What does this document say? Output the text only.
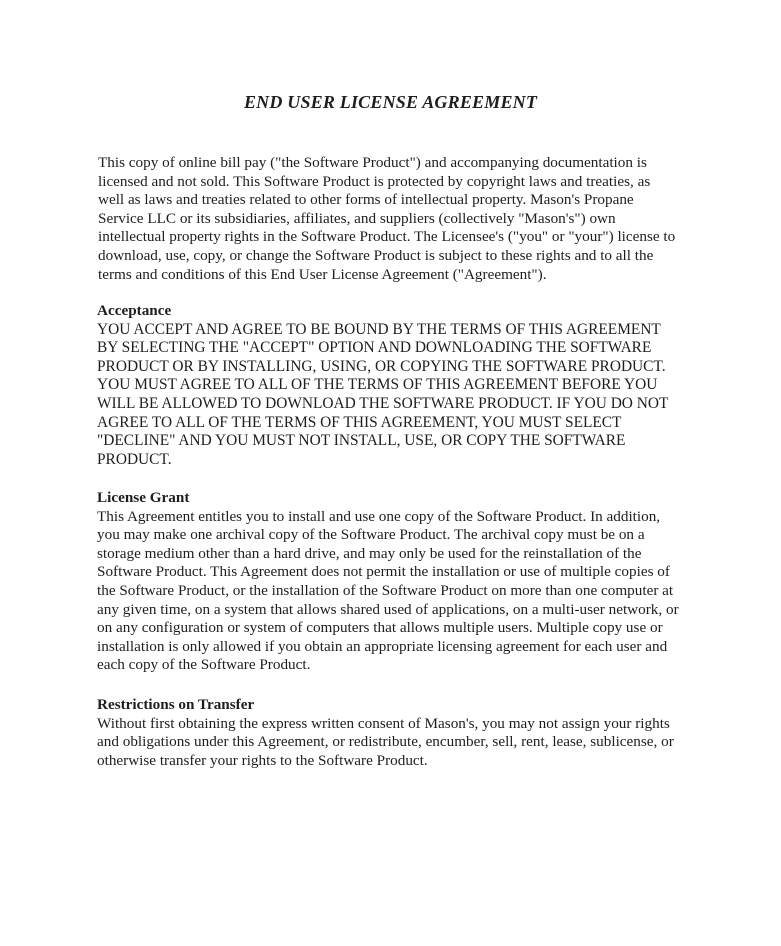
END USER LICENSE AGREEMENT

This copy of online bill pay ("the Software Product") and accompanying documentation is licensed and not sold. This Software Product is protected by copyright laws and treaties, as well as laws and treaties related to other forms of intellectual property. Mason's Propane Service LLC or its subsidiaries, affiliates, and suppliers (collectively "Mason's") own intellectual property rights in the Software Product. The Licensee's ("you" or "your") license to download, use, copy, or change the Software Product is subject to these rights and to all the terms and conditions of this End User License Agreement ("Agreement").

Acceptance

YOU ACCEPT AND AGREE TO BE BOUND BY THE TERMS OF THIS AGREEMENT BY SELECTING THE "ACCEPT" OPTION AND DOWNLOADING THE SOFTWARE PRODUCT OR BY INSTALLING, USING, OR COPYING THE SOFTWARE PRODUCT. YOU MUST AGREE TO ALL OF THE TERMS OF THIS AGREEMENT BEFORE YOU WILL BE ALLOWED TO DOWNLOAD THE SOFTWARE PRODUCT. IF YOU DO NOT AGREE TO ALL OF THE TERMS OF THIS AGREEMENT, YOU MUST SELECT "DECLINE" AND YOU MUST NOT INSTALL, USE, OR COPY THE SOFTWARE PRODUCT.

License Grant

This Agreement entitles you to install and use one copy of the Software Product. In addition, you may make one archival copy of the Software Product. The archival copy must be on a storage medium other than a hard drive, and may only be used for the reinstallation of the Software Product. This Agreement does not permit the installation or use of multiple copies of the Software Product, or the installation of the Software Product on more than one computer at any given time, on a system that allows shared used of applications, on a multi-user network, or on any configuration or system of computers that allows multiple users. Multiple copy use or installation is only allowed if you obtain an appropriate licensing agreement for each user and each copy of the Software Product.

Restrictions on Transfer

Without first obtaining the express written consent of Mason's, you may not assign your rights and obligations under this Agreement, or redistribute, encumber, sell, rent, lease, sublicense, or otherwise transfer your rights to the Software Product.
